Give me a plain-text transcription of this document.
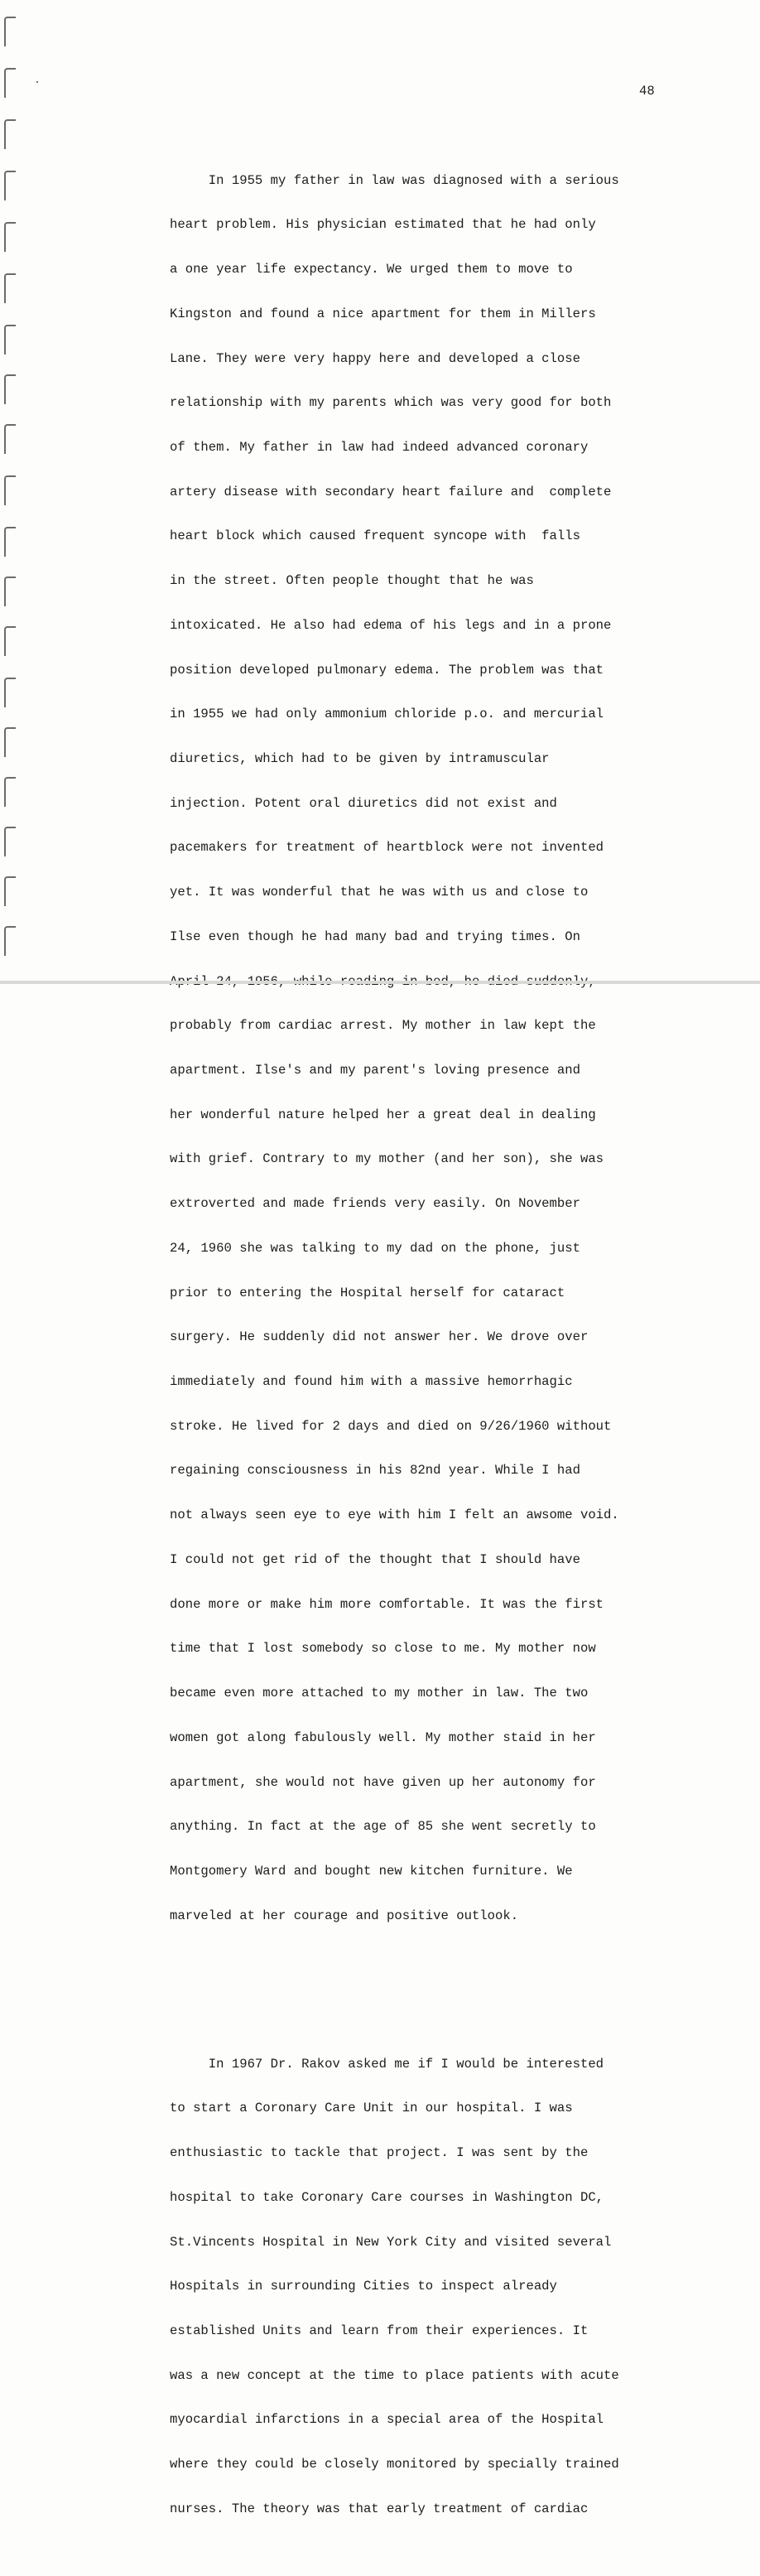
48

In 1955 my father in law was diagnosed with a serious

heart problem. His physician estimated that he had only

a one year life expectancy. We urged them to move to

Kingston and found a nice apartment for them in Millers

Lane. They were very happy here and developed a close

relationship with my parents which was very good for both

of them. My father in law had indeed advanced coronary

artery disease with secondary heart failure and  complete

heart block which caused frequent syncope with  falls

in the street. Often people thought that he was

intoxicated. He also had edema of his legs and in a prone

position developed pulmonary edema. The problem was that

in 1955 we had only ammonium chloride p.o. and mercurial

diuretics, which had to be given by intramuscular

injection. Potent oral diuretics did not exist and

pacemakers for treatment of heartblock were not invented

yet. It was wonderful that he was with us and close to

Ilse even though he had many bad and trying times. On

probably from cardiac arrest. My mother in law kept the

apartment. Ilse's and my parent's loving presence and

her wonderful nature helped her a great deal in dealing

with grief. Contrary to my mother (and her son), she was

extroverted and made friends very easily. On November

24, 1960 she was talking to my dad on the phone, just

prior to entering the Hospital herself for cataract

surgery. He suddenly did not answer her. We drove over

immediately and found him with a massive hemorrhagic

stroke. He lived for 2 days and died on 9/26/1960 without

regaining consciousness in his 82nd year. While I had

not always seen eye to eye with him I felt an awsome void.

I could not get rid of the thought that I should have

done more or make him more comfortable. It was the first

time that I lost somebody so close to me. My mother now

became even more attached to my mother in law. The two

women got along fabulously well. My mother staid in her

apartment, she would not have given up her autonomy for

anything. In fact at the age of 85 she went secretly to

Montgomery Ward and bought new kitchen furniture. We

marveled at her courage and positive outlook.

In 1967 Dr. Rakov asked me if I would be interested

to start a Coronary Care Unit in our hospital. I was

enthusiastic to tackle that project. I was sent by the

hospital to take Coronary Care courses in Washington DC,

St.Vincents Hospital in New York City and visited several

Hospitals in surrounding Cities to inspect already

established Units and learn from their experiences. It

was a new concept at the time to place patients with acute

myocardial infarctions in a special area of the Hospital

where they could be closely monitored by specially trained

nurses. The theory was that early treatment of cardiac
